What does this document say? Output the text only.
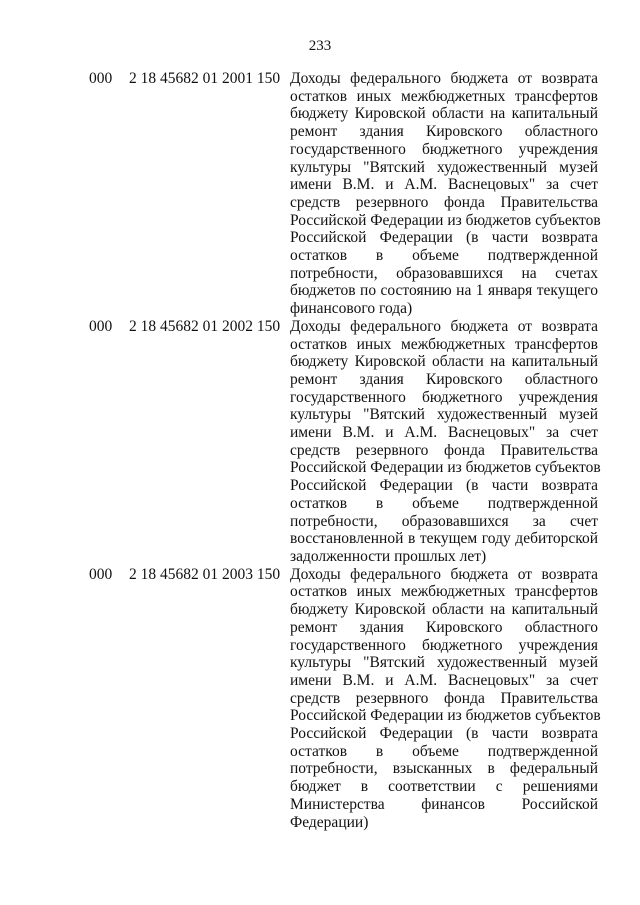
233
000 2 18 45682 01 2001 150 Доходы федерального бюджета от возврата
остатков иных межбюджетных трансфертов
бюджету Кировской области на капитальный
ремонт здания Кировского областного
государственного бюджетного учреждения
культуры "Вятский художественный музей
имени В.М. и А.М. Васнецовых" за счет
средств резервного фонда Правительства
Российской Федерации из бюджетов субъектов
Российской Федерации (в части возврата
остатков в объеме подтвержденной
потребности, образовавшихся на счетах
бюджетов по состоянию на 1 января текущего
финансового года)
000 2 18 45682 01 2002 150 Доходы федерального бюджета от возврата
остатков иных межбюджетных трансфертов
бюджету Кировской области на капитальный
ремонт здания Кировского областного
государственного бюджетного учреждения
культуры "Вятский художественный музей
имени В.М. и А.М. Васнецовых" за счет
средств резервного фонда Правительства
Российской Федерации из бюджетов субъектов
Российской Федерации (в части возврата
остатков в объеме подтвержденной
потребности, образовавшихся за счет
восстановленной в текущем году дебиторской
задолженности прошлых лет)
000 2 18 45682 01 2003 150 Доходы федерального бюджета от возврата
остатков иных межбюджетных трансфертов
бюджету Кировской области на капитальный
ремонт здания Кировского областного
государственного бюджетного учреждения
культуры "Вятский художественный музей
имени В.М. и А.М. Васнецовых" за счет
средств резервного фонда Правительства
Российской Федерации из бюджетов субъектов
Российской Федерации (в части возврата
остатков в объеме подтвержденной
потребности, взысканных в федеральный
бюджет в соответствии с решениями
Министерства финансов Российской
Федерации)
